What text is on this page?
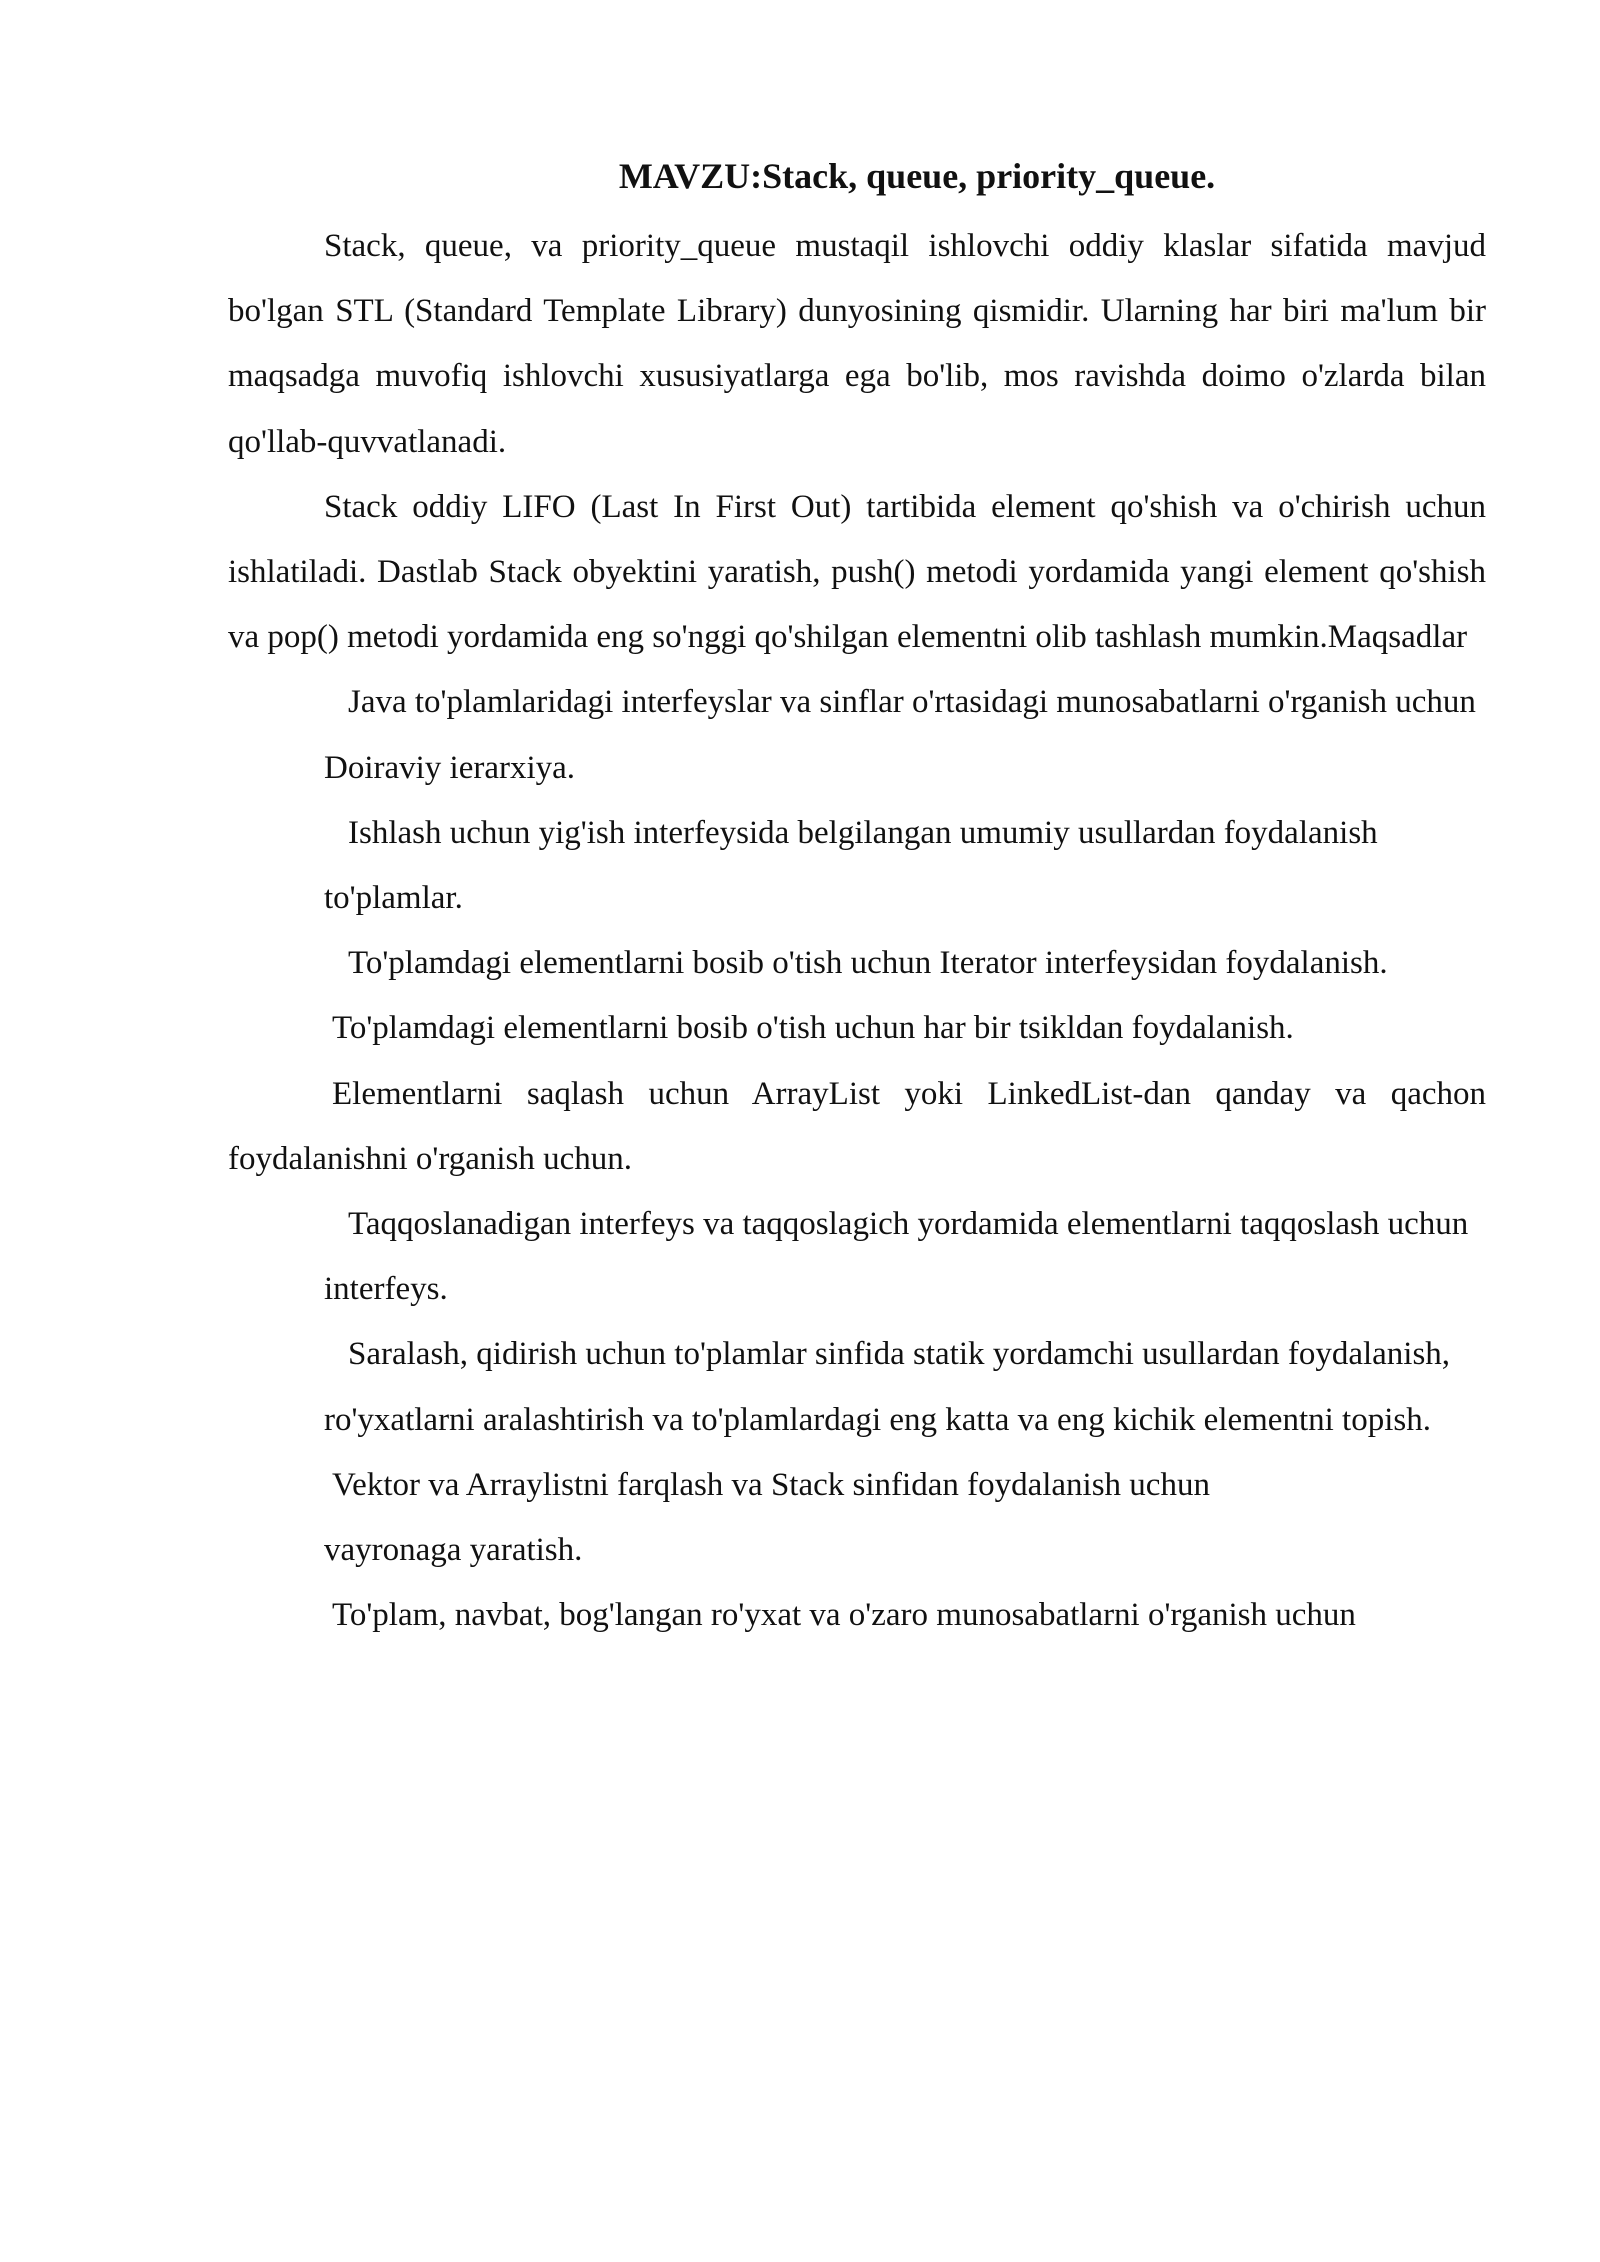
MAVZU:Stack, queue, priority_queue.

Stack, queue, va priority_queue mustaqil ishlovchi oddiy klaslar sifatida mavjud bo'lgan STL (Standard Template Library) dunyosining qismidir. Ularning har biri ma'lum bir maqsadga muvofiq ishlovchi xususiyatlarga ega bo'lib, mos ravishda doimo o'zlarda bilan qo'llab-quvvatlanadi.

Stack oddiy LIFO (Last In First Out) tartibida element qo'shish va o'chirish uchun ishlatiladi. Dastlab Stack obyektini yaratish, push() metodi yordamida yangi element qo'shish va pop() metodi yordamida eng so'nggi qo'shilgan elementni olib tashlash mumkin.Maqsadlar

Java to'plamlaridagi interfeyslar va sinflar o'rtasidagi munosabatlarni o'rganish uchun

Doiraviy ierarxiya.

Ishlash uchun yig'ish interfeysida belgilangan umumiy usullardan foydalanish

to'plamlar.

To'plamdagi elementlarni bosib o'tish uchun Iterator interfeysidan foydalanish.

To'plamdagi elementlarni bosib o'tish uchun har bir tsikldan foydalanish.

Elementlarni saqlash uchun ArrayList yoki LinkedList-dan qanday va qachon foydalanishni o'rganish uchun.

Taqqoslanadigan interfeys va taqqoslagich yordamida elementlarni taqqoslash uchun

interfeys.

Saralash, qidirish uchun to'plamlar sinfida statik yordamchi usullardan foydalanish,

ro'yxatlarni aralashtirish va to'plamlardagi eng katta va eng kichik elementni topish.

Vektor va Arraylistni farqlash va Stack sinfidan foydalanish uchun

vayronaga yaratish.

To'plam, navbat, bog'langan ro'yxat va o'zaro munosabatlarni o'rganish uchun
